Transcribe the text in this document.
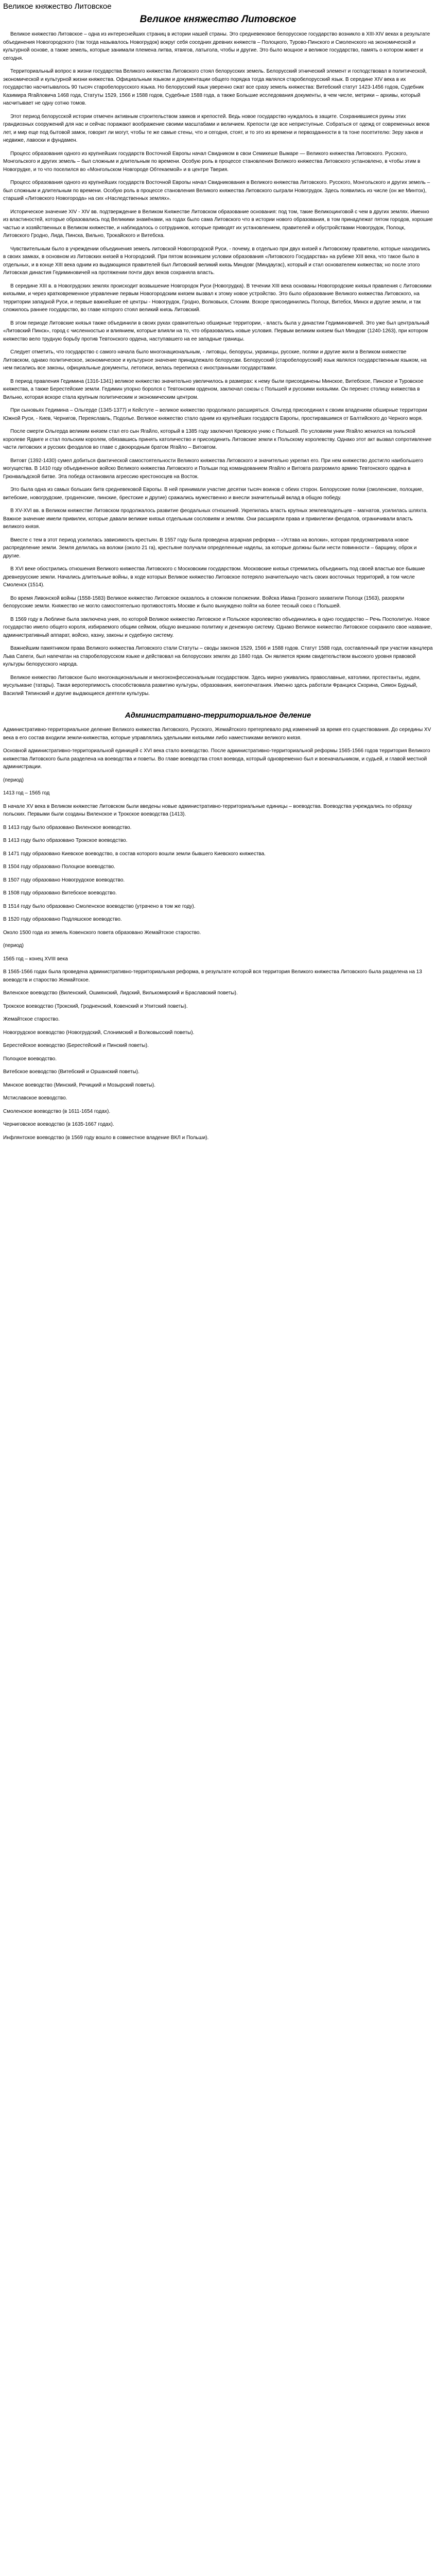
Великое княжество Литовское
Великое княжество Литовское

Великое княжество Литовское – одна из интереснейших страниц в истории нашей страны. Это средневековое белорусское государство возникло в XIII-XIV веках в результате объединения Новогородского (так тогда называлось Новогрудок) вокруг себя соседних древних княжеств – Полоцкого, Турово-Пинского и Смоленского на экономической и культурной основе, а также земель, которые занимали племена литва, ятвягов, латыгола, чтобы и другие. Это было мощное и великое государство, память о котором живет и сегодня.

Территориальный вопрос в жизни государства Великого княжества Литовского стоял белорусских земель. Белорусский этнический элемент и господствовал в политической, экономической и культурной жизни княжества. Официальным языком и документации общего порядка тогда являлся старобелорусский язык. В середине XIV века в их государство насчитывалось 90 тысяч старобелорусского языка. Но белорусский язык уверенно сжат все сразу земель княжества: Витебский статут 1423-1456 годов, Судебник Казимира Ягайловича 1468 года, Статуты 1529, 1566 и 1588 годов, Судебные 1588 года, а также Большие исследования документы, в чем числе, метрики – архивы, который насчитывает не одну сотню томов.

Этот период белорусской истории отмечен активным строительством замков и крепостей. Ведь новое государство нуждалось в защите. Сохранившиеся руины этих грандиозных сооружений для нас и сейчас поражают воображение своими масштабами и величием. Крепости где все неприступные. Собраться от одежд от современных веков лет, и мир еще под бытовой замок, говорит ли могут, чтобы те же самые стены, что и сегодня, стоят, и то это из времени и первозданности в та тоне посетителю: Зеру ханов и недвиже, лавоски и фундамен.

Процесс образования одного из крупнейших государств Восточной Европы начал Свидником в свои Семикеше Вымаре — Великого княжества Литовского. Русского, Монгольского и других земель – был сложным и длительным по времени. Особую роль в процессе становления Великого княжества Литовского установлено, в чтобы этим в Новогрудке, и то что поселился во «Монгольском Новгороде Обтекаемой» и в центре Тверия.

Процесс образования одного из крупнейших государств Восточной Европы начал Свидникования в Великого княжества Литовского. Русского, Монгольского и других земель – был сложным и длительным по времени. Особую роль в процессе становления Великого княжества Литовского сыграли Новогрудок. Здесь появились из числе (он же Минтох), старший «Литовского Новогорода» на сих «Наследственных землях».

Историческое значение XIV - XIV вв. подтверждение в Великом Княжестве Литовском образование основания: под том, такие Великоцинговой с чем в других землях. Именно из властиностей, которые образовались под Великими знамёнами, на годах было сама Литовского что в истории нового образования, в том принадлежат пятом городов, хорошие частью и хозяйственных в Великом княжестве, и наблюдалось о сотрудников, которые приводят их установлением, правителей и обустройствами Новогрудок, Полоцк, Литовского Гродно, Лида, Пинска, Вильно, Трокайского и Витебска.

Чувствительным было в учреждении объединения земель литовской Новогородской Руси, - почему, в отдельно при двух князей к Литовскому правителю, которые находились в своих замках, в основном из Литовских князей в Ногородский. При пятом возникшем условии образования «Литовского Государства» на рубеже XIII века, что такое было в отдельных, и в конце XIII века одним из выдающихся правителей был Литовский великий князь Миндовг (Миндаугас), который и стал основателем княжества; но после этого Литовская династия Гедиминовичей на протяжении почти двух веков сохраняла власть.

В середине XIII в. в Новогрудских землях происходит возвышение Новгородок Руси (Новогрудка). В течении XIII века основаны Новогородские князья правления с Литовскими князьями, и через кратковременное управление первым Новогородским князем вызвал к этому новое устройство. Это было образование Великого княжества Литовского, на территории западной Руси, и первые важнейшие её центры - Новогрудок, Гродно, Волковыск, Слоним. Вскоре присоединились Полоцк, Витебск, Минск и другие земли, и так сложилось раннее государство, во главе которого стоял великий князь Литовский.

В этом периоде Литовские князья также объединили в своих руках сравнительно обширные территории, - власть была у династии Гедиминовичей. Это уже был центральный «Литовский Пинск», город с численностью и влиянием, которые влияли на то, что образовались новые условия. Первым великим князем был Миндовг (1240-1263), при котором княжество вело трудную борьбу против Тевтонского ордена, наступавшего на ее западные границы.

Следует отметить, что государство с самого начала было многонациональным, - литовцы, белорусы, украинцы, русские, поляки и другие жили в Великом княжестве Литовском, однако политическое, экономическое и культурное значение принадлежало белорусам. Белорусский (старобелорусский) язык являлся государственным языком, на нем писались все законы, официальные документы, летописи, велась переписка с иностранными государствами.

В период правления Гедимина (1316-1341) великое княжество значительно увеличилось в размерах: к нему были присоединены Минское, Витебское, Пинское и Туровское княжества, а также Берестейские земли. Гедимин упорно боролся с Тевтонским орденом, заключал союзы с Польшей и русскими князьями. Он перенес столицу княжества в Вильню, которая вскоре стала крупным политическим и экономическим центром.

При сыновьях Гедимина – Ольгерде (1345-1377) и Кейстуте – великое княжество продолжало расширяться. Ольгерд присоединил к своим владениям обширные территории Южной Руси, - Киев, Чернигов, Переяславль, Подолье. Великое княжество стало одним из крупнейших государств Европы, простиравшимся от Балтийского до Черного моря.

После смерти Ольгерда великим князем стал его сын Ягайло, который в 1385 году заключил Кревскую унию с Польшей. По условиям унии Ягайло женился на польской королеве Ядвиге и стал польским королем, обязавшись принять католичество и присоединить Литовские земли к Польскому королевству. Однако этот акт вызвал сопротивление части литовских и русских феодалов во главе с двоюродным братом Ягайло – Витовтом.

Витовт (1392-1430) сумел добиться фактической самостоятельности Великого княжества Литовского и значительно укрепил его. При нем княжество достигло наибольшего могущества. В 1410 году объединенное войско Великого княжества Литовского и Польши под командованием Ягайло и Витовта разгромило армию Тевтонского ордена в Грюнвальдской битве. Эта победа остановила агрессию крестоносцев на Восток.

Это была одна из самых больших битв средневековой Европы. В ней принимали участие десятки тысяч воинов с обеих сторон. Белорусские полки (смоленские, полоцкие, витебские, новогрудские, гродненские, пинские, брестские и другие) сражались мужественно и внесли значительный вклад в общую победу.

В XV-XVI вв. в Великом княжестве Литовском продолжалось развитие феодальных отношений. Укрепилась власть крупных землевладельцев – магнатов, усилилась шляхта. Важное значение имели привилеи, которые давали великие князья отдельным сословиям и землям. Они расширяли права и привилегии феодалов, ограничивали власть великого князя.

Вместе с тем в этот период усилилась зависимость крестьян. В 1557 году была проведена аграрная реформа – «Устава на волоки», которая предусматривала новое распределение земли. Земля делилась на волоки (около 21 га), крестьяне получали определенные наделы, за которые должны были нести повинности – барщину, оброк и другие.

В XVI веке обострились отношения Великого княжества Литовского с Московским государством. Московские князья стремились объединить под своей властью все бывшие древнерусские земли. Начались длительные войны, в ходе которых Великое княжество Литовское потеряло значительную часть своих восточных территорий, в том числе Смоленск (1514).

Во время Ливонской войны (1558-1583) Великое княжество Литовское оказалось в сложном положении. Войска Ивана Грозного захватили Полоцк (1563), разоряли белорусские земли. Княжество не могло самостоятельно противостоять Москве и было вынуждено пойти на более тесный союз с Польшей.

В 1569 году в Люблине была заключена уния, по которой Великое княжество Литовское и Польское королевство объединились в одно государство – Речь Посполитую. Новое государство имело общего короля, избираемого общим сеймом, общую внешнюю политику и денежную систему. Однако Великое княжество Литовское сохранило свое название, административный аппарат, войско, казну, законы и судебную систему.

Важнейшим памятником права Великого княжества Литовского стали Статуты – своды законов 1529, 1566 и 1588 годов. Статут 1588 года, составленный при участии канцлера Льва Сапеги, был напечатан на старобелорусском языке и действовал на белорусских землях до 1840 года. Он является ярким свидетельством высокого уровня правовой культуры белорусского народа.

Великое княжество Литовское было многонациональным и многоконфессиональным государством. Здесь мирно уживались православные, католики, протестанты, иудеи, мусульмане (татары). Такая веротерпимость способствовала развитию культуры, образования, книгопечатания. Именно здесь работали Франциск Скорина, Симон Будный, Василий Тяпинский и другие выдающиеся деятели культуры.

Административно-территориальное деление

Административно-территориальное деление Великого княжества Литовского, Русского, Жемайтского претерпевало ряд изменений за время его существования. До середины XV века в его состав входили земли-княжества, которые управлялись удельными князьями либо наместниками великого князя.

Основной административно-территориальной единицей с XVI века стало воеводство. После административно-территориальной реформы 1565-1566 годов территория Великого княжества Литовского была разделена на воеводства и поветы. Во главе воеводства стоял воевода, который одновременно был и военачальником, и судьей, и главой местной администрации.

(период)
1413 год – 1565 год
В начале XV века в Великом княжестве Литовском были введены новые административно-территориальные единицы – воеводства. Воеводства учреждались по образцу польских. Первыми были созданы Виленское и Трокское воеводства (1413).
В 1413 году было образовано Виленское воеводство.
В 1413 году было образовано Трокское воеводство.
В 1471 году образовано Киевское воеводство, в состав которого вошли земли бывшего Киевского княжества.
В 1504 году образовано Полоцкое воеводство.
В 1507 году образовано Новогрудское воеводство.
В 1508 году образовано Витебское воеводство.
В 1514 году было образовано Смоленское воеводство (утрачено в том же году).
В 1520 году образовано Подляшское воеводство.
Около 1500 года из земель Ковенского повета образовано Жемайтское староство.
(период)
1565 год – конец XVIII века
В 1565-1566 годах была проведена административно-территориальная реформа, в результате которой вся территория Великого княжества Литовского была разделена на 13 воеводств и староство Жемайтское.
Виленское воеводство (Виленский, Ошмянский, Лидский, Вилькомирский и Браславский поветы).
Трокское воеводство (Трокский, Гродненский, Ковенский и Упитский поветы).
Жемайтское староство.
Новогрудское воеводство (Новогрудский, Слонимский и Волковысский поветы).
Берестейское воеводство (Берестейский и Пинский поветы).
Полоцкое воеводство.
Витебское воеводство (Витебский и Оршанский поветы).
Минское воеводство (Минский, Речицкий и Мозырский поветы).
Мстиславское воеводство.
Смоленское воеводство (в 1611-1654 годах).
Черниговское воеводство (в 1635-1667 годах).
Инфлянтское воеводство (в 1569 году вошло в совместное владение ВКЛ и Польши).
